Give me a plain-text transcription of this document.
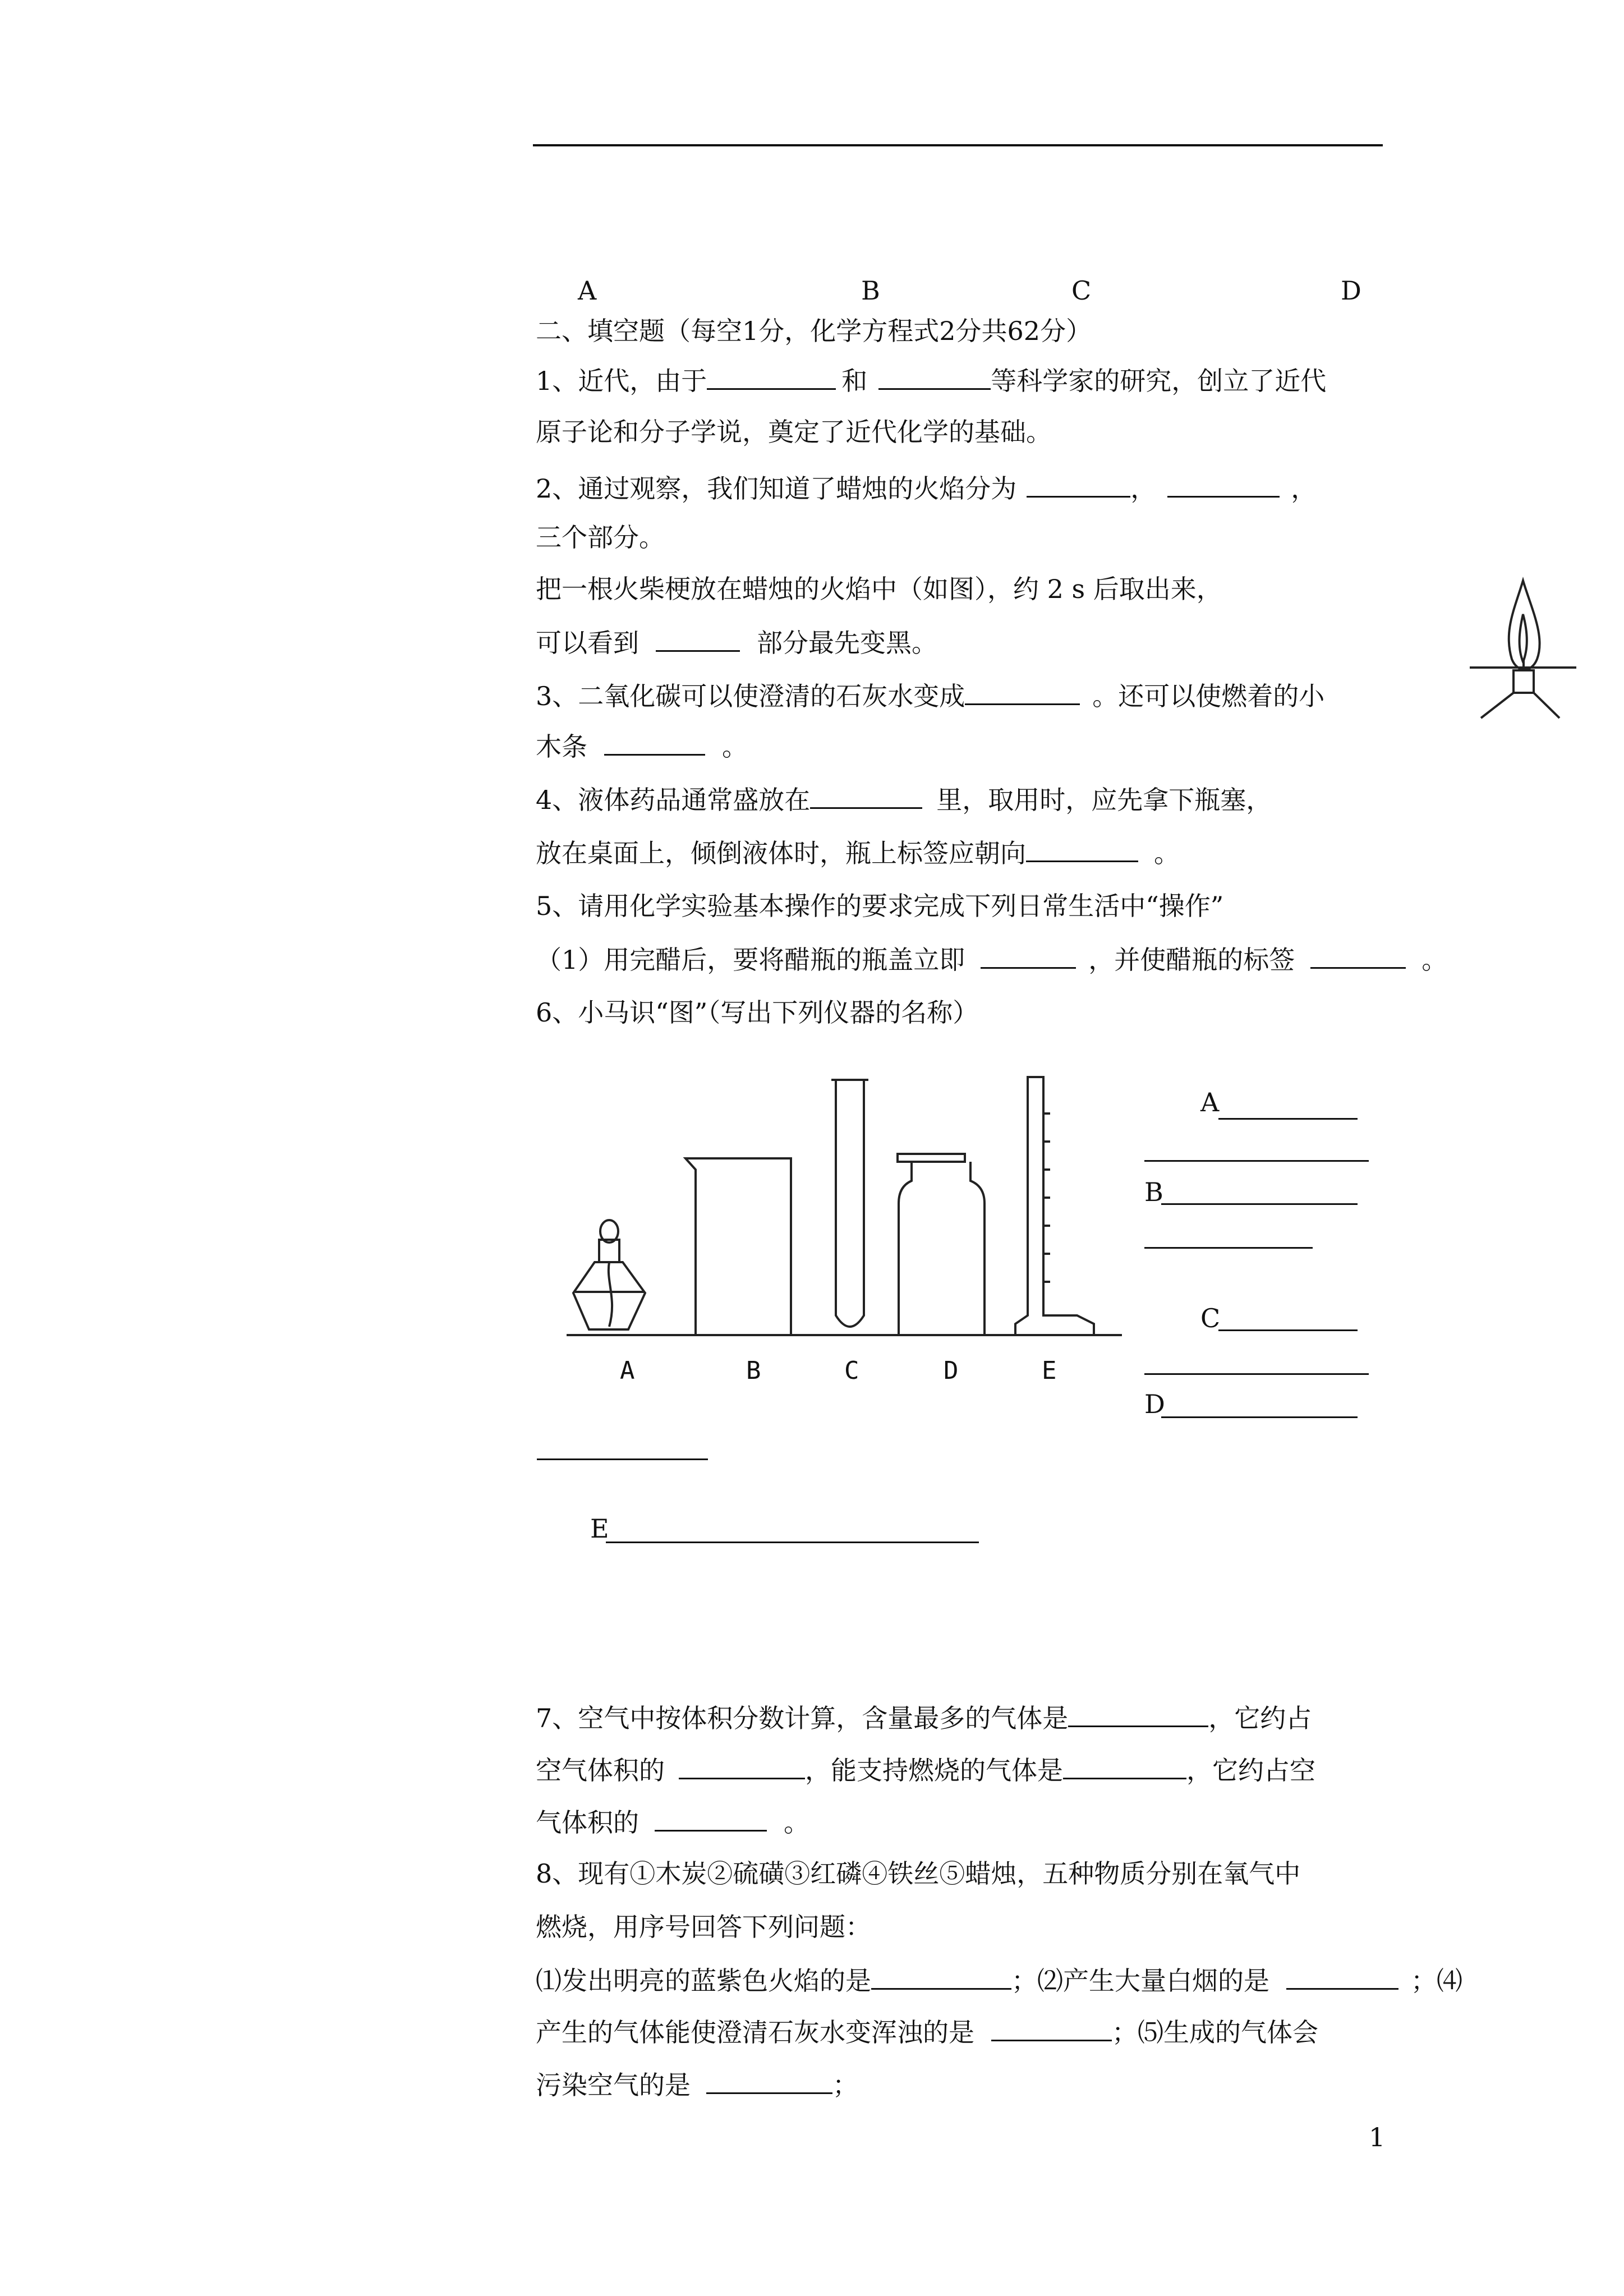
A	B	C	D
二、填空题（每空1分，化学方程式2分共62分）
1、近代，由于	和	等科学家的研究，创立了近代
原子论和分子学说，奠定了近代化学的基础。
2、通过观察，我们知道了蜡烛的火焰分为	，	，
三个部分。
把一根火柴梗放在蜡烛的火焰中（如图），约 2 s 后取出来，
可以看到	部分最先变黑。
3、二氧化碳可以使澄清的石灰水变成	。还可以使燃着的小
木条	。
4、液体药品通常盛放在	里，取用时，应先拿下瓶塞，
放在桌面上，倾倒液体时，瓶上标签应朝向	。
5、请用化学实验基本操作的要求完成下列日常生活中“操作”
（1）用完醋后，要将醋瓶的瓶盖立即	，并使醋瓶的标签	。
6、小马识“图”（写出下列仪器的名称）
A	B	C	D	E
A
B
C
D
E
7、空气中按体积分数计算，含量最多的气体是	，它约占
空气体积的	，能支持燃烧的气体是	，它约占空
气体积的	。
8、现有①木炭②硫磺③红磷④铁丝⑤蜡烛，五种物质分别在氧气中
燃烧，用序号回答下列问题：
⑴发出明亮的蓝紫色火焰的是	；⑵产生大量白烟的是	；⑷
产生的气体能使澄清石灰水变浑浊的是	；⑸生成的气体会
污染空气的是	；
1
